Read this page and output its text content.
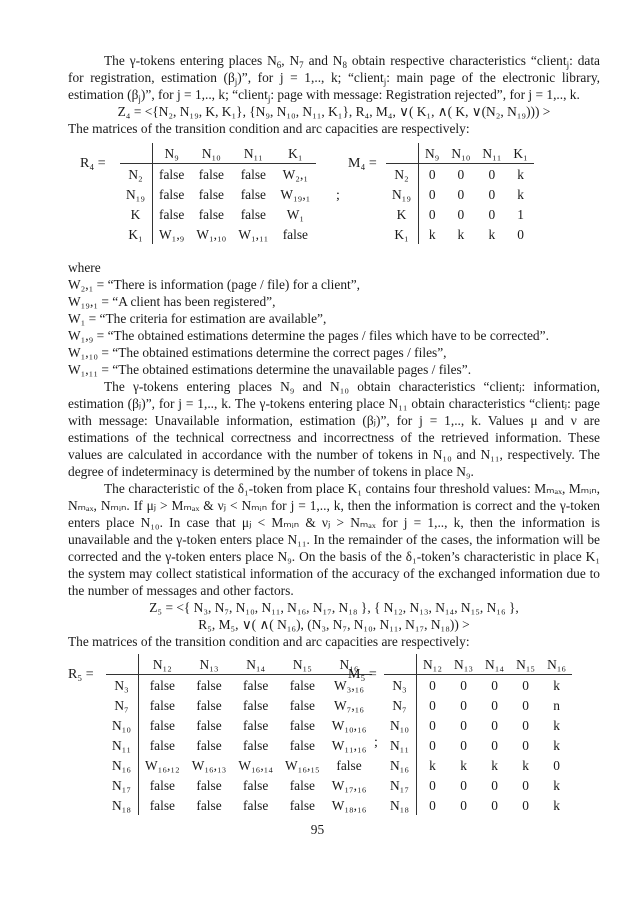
The γ-tokens entering places $N_6$, $N_7$ and $N_8$ obtain respective characteristics “client$_j$: data for registration, estimation $(\beta_j)$”, for j = 1,.., k; “client$_j$: main page of the electronic library, estimation $(\beta_j)$”, for j = 1,.., k; “client$_j$: page with message: Registration rejected”, for j = 1,.., k.

Z₄ = <{N₂, N₁₉, K, K₁}, {N₉, N₁₀, N₁₁, K₁}, R₄, M₄, ∨( K₁, ∧( K, ∨(N₂, N₁₉))) >

The matrices of the transition condition and arc capacities are respectively:

R₄ =
	N₉	N₁₀	N₁₁	K₁
N₂	false	false	false	W₂,₁
N₁₉	false	false	false	W₁₉,₁
K	false	false	false	W₁
K₁	W₁,₉	W₁,₁₀	W₁,₁₁	false
;
M₄ =
	N₉	N₁₀	N₁₁	K₁
N₂	0	0	0	k
N₁₉	0	0	0	k
K	0	0	0	1
K₁	k	k	k	0

where

W₂,₁ = “There is information (page / file) for a client”,

W₁₉,₁ = “A client has been registered”,

W₁ = “The criteria for estimation are available”,

W₁,₉ = “The obtained estimations determine the pages / files which have to be corrected”.

W₁,₁₀ = “The obtained estimations determine the correct pages / files”,

W₁,₁₁ = “The obtained estimations determine the unavailable pages / files”.

The γ-tokens entering places N₉ and N₁₀ obtain characteristics “clientⱼ: information, estimation (βⱼ)”, for j = 1,.., k. The γ-tokens entering place N₁₁ obtain characteristics “clientⱼ: page with message: Unavailable information, estimation (βⱼ)”, for j = 1,.., k. Values μ and ν are estimations of the technical correctness and incorrectness of the retrieved information. These values are calculated in accordance with the number of tokens in N₁₀ and N₁₁, respectively. The degree of indeterminacy is determined by the number of tokens in place N₉.

The characteristic of the δ₁-token from place K₁ contains four threshold values: Mₘₐₓ, Mₘᵢₙ, Nₘₐₓ, Nₘᵢₙ. If μⱼ > Mₘₐₓ & νⱼ < Nₘᵢₙ for j = 1,.., k, then the information is correct and the γ-token enters place N₁₀. In case that μⱼ < Mₘᵢₙ & νⱼ > Nₘₐₓ for j = 1,.., k, then the information is unavailable and the γ-token enters place N₁₁. In the remainder of the cases, the information will be corrected and the γ-token enters place N₉. On the basis of the δ₁-token’s characteristic in place K₁ the system may collect statistical information of the accuracy of the exchanged information due to the number of messages and other factors.

Z₅ = <{ N₃, N₇, N₁₀, N₁₁, N₁₆, N₁₇, N₁₈ }, { N₁₂, N₁₃, N₁₄, N₁₅, N₁₆ },

R₅, M₅, ∨( ∧( N₁₆), (N₃, N₇, N₁₀, N₁₁, N₁₇, N₁₈)) >

The matrices of the transition condition and arc capacities are respectively:

R₅ =
	N₁₂	N₁₃	N₁₄	N₁₅	N₁₆
N₃	false	false	false	false	W₃,₁₆
N₇	false	false	false	false	W₇,₁₆
N₁₀	false	false	false	false	W₁₀,₁₆
N₁₁	false	false	false	false	W₁₁,₁₆
N₁₆	W₁₆,₁₂	W₁₆,₁₃	W₁₆,₁₄	W₁₆,₁₅	false
N₁₇	false	false	false	false	W₁₇,₁₆
N₁₈	false	false	false	false	W₁₈,₁₆
;
M₅ =
	N₁₂	N₁₃	N₁₄	N₁₅	N₁₆
N₃	0	0	0	0	k
N₇	0	0	0	0	n
N₁₀	0	0	0	0	k
N₁₁	0	0	0	0	k
N₁₆	k	k	k	k	0
N₁₇	0	0	0	0	k
N₁₈	0	0	0	0	k
95
